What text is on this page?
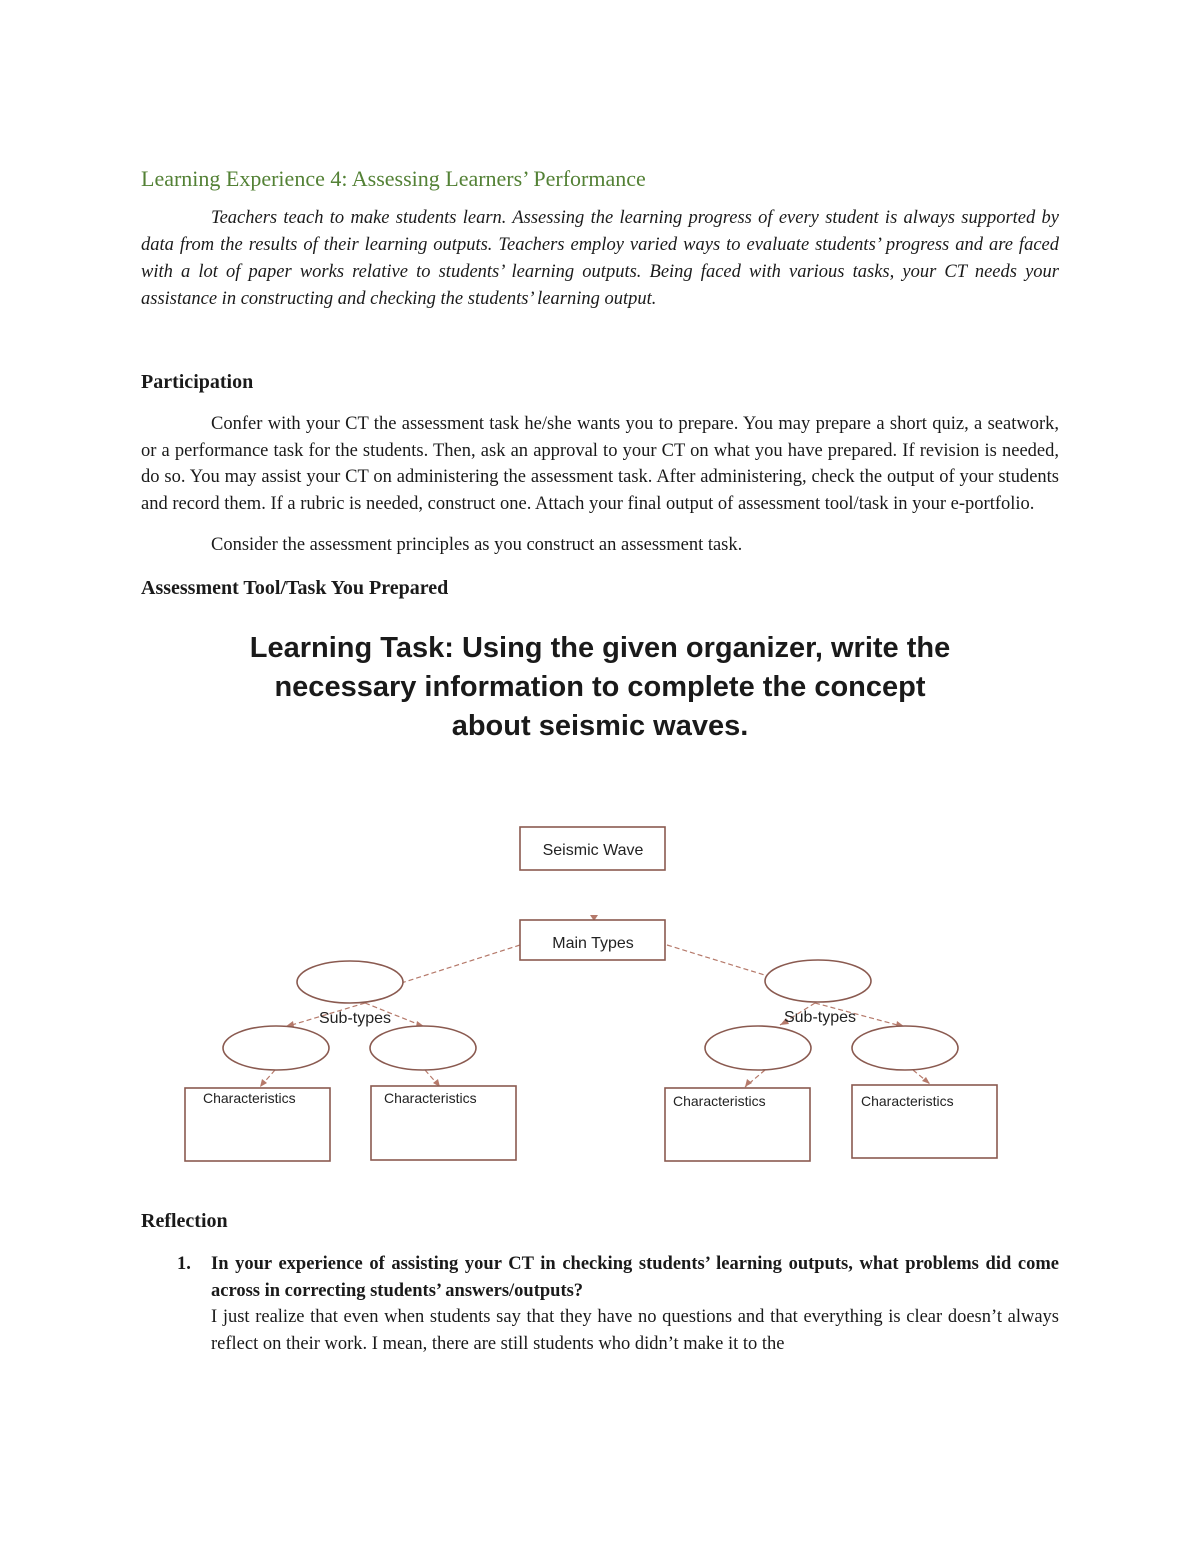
Learning Experience 4: Assessing Learners’ Performance

Teachers teach to make students learn. Assessing the learning progress of every student is always supported by data from the results of their learning outputs. Teachers employ varied ways to evaluate students’ progress and are faced with a lot of paper works relative to students’ learning outputs. Being faced with various tasks, your CT needs your assistance in constructing and checking the students’ learning output.

Participation

Confer with your CT the assessment task he/she wants you to prepare. You may prepare a short quiz, a seatwork, or a performance task for the students. Then, ask an approval to your CT on what you have prepared. If revision is needed, do so. You may assist your CT on administering the assessment task. After administering, check the output of your students and record them. If a rubric is needed, construct one. Attach your final output of assessment tool/task in your e-portfolio.

Consider the assessment principles as you construct an assessment task.

Assessment Tool/Task You Prepared

Learning Task: Using the given organizer, write the

necessary information to complete the concept

about seismic waves.

Seismic Wave
Main Types
Sub-types	Sub-types
Characteristics	Characteristics	Characteristics	Characteristics
Reflection
1. In your experience of assisting your CT in checking students’ learning outputs, what problems did come across in correcting students’ answers/outputs?
I just realize that even when students say that they have no questions and that everything is clear doesn’t always reflect on their work. I mean, there are still students who didn’t make it to the
